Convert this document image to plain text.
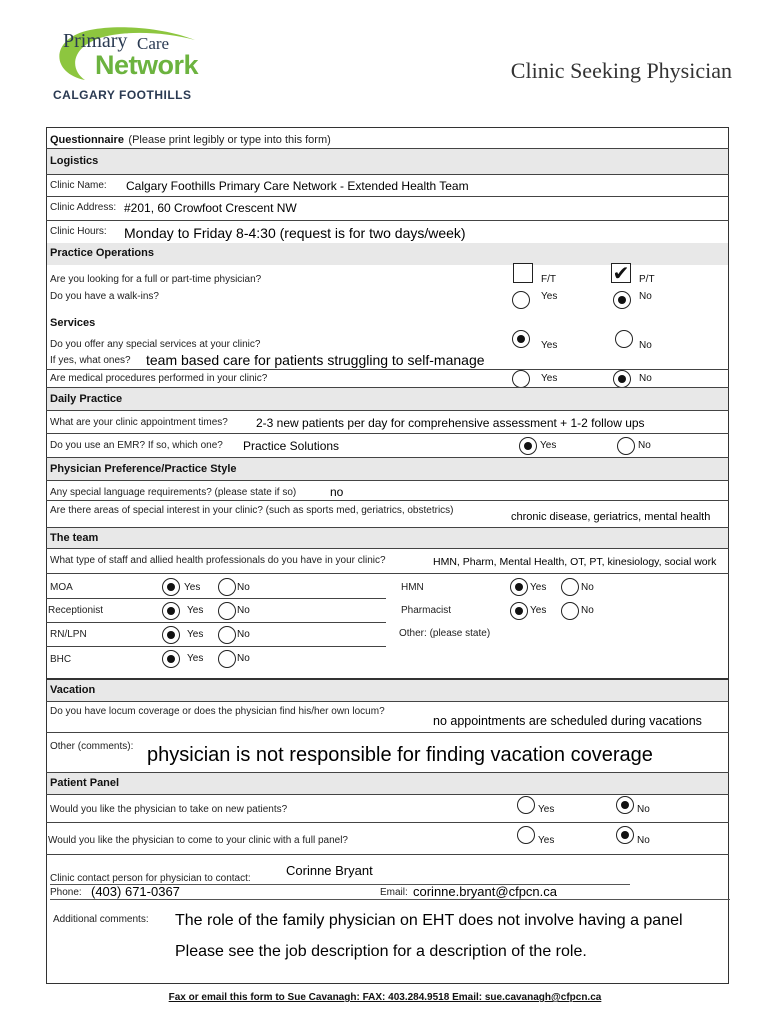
Primary Care
Network
CALGARY FOOTHILLS
Clinic Seeking Physician
Questionnaire (Please print legibly or type into this form)
Logistics
Clinic Name: Calgary Foothills Primary Care Network - Extended Health Team
Clinic Address: #201, 60 Crowfoot Crescent NW
Clinic Hours: Monday to Friday 8-4:30 (request is for two days/week)
Practice Operations
Are you looking for a full or part-time physician?	F/T	✔ P/T
Do you have a walk-ins?	Yes	No
Services
Do you offer any special services at your clinic?	Yes	No
If yes, what ones? team based care for patients struggling to self-manage
Are medical procedures performed in your clinic?	Yes	No
Daily Practice
What are your clinic appointment times? 2-3 new patients per day for comprehensive assessment + 1-2 follow ups
Do you use an EMR? If so, which one? Practice Solutions	Yes	No
Physician Preference/Practice Style
Any special language requirements? (please state if so)	no
Are there areas of special interest in your clinic? (such as sports med, geriatrics, obstetrics)
chronic disease, geriatrics, mental health
The team
What type of staff and allied health professionals do you have in your clinic?	HMN, Pharm, Mental Health, OT, PT, kinesiology, social work
MOA	Yes	No
Receptionist	Yes	No
RN/LPN	Yes	No
BHC	Yes	No
HMN	Yes	No
Pharmacist	Yes	No
Other: (please state)
Vacation
Do you have locum coverage or does the physician find his/her own locum?
no appointments are scheduled during vacations
Other (comments): physician is not responsible for finding vacation coverage
Patient Panel
Would you like the physician to take on new patients?	Yes	No
Would you like the physician to come to your clinic with a full panel?	Yes	No
Clinic contact person for physician to contact:
Corinne Bryant
Phone: (403) 671-0367	Email: corinne.bryant@cfpcn.ca
Additional comments: The role of the family physician on EHT does not involve having a panel
Please see the job description for a description of the role.
Fax or email this form to Sue Cavanagh: FAX: 403.284.9518 Email: sue.cavanagh@cfpcn.ca
